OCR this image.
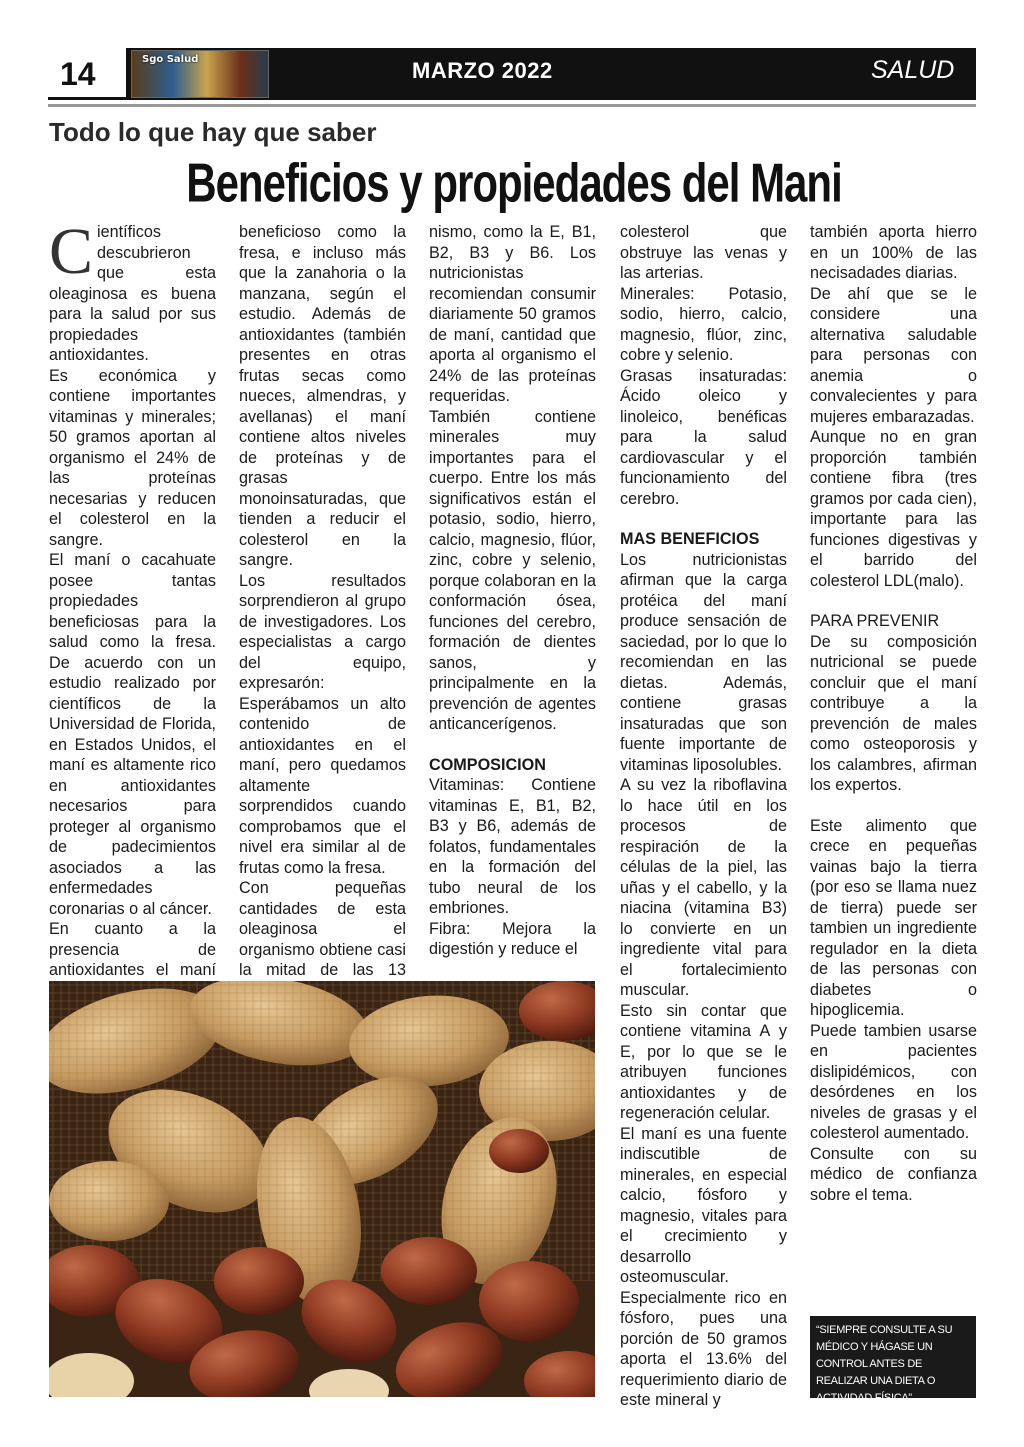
14	Sgo Salud	MARZO 2022	SALUD
Todo lo que hay que saber
Beneficios y propiedades del Mani

Científicos descubrieron que esta oleaginosa es buena para la salud por sus propiedades antioxidantes.

Es económica y contiene importantes vitaminas y minerales; 50 gramos aportan al organismo el 24% de las proteínas necesarias y reducen el colesterol en la sangre.

El maní o cacahuate posee tantas propiedades beneficiosas para la salud como la fresa. De acuerdo con un estudio realizado por científicos de la Universidad de Florida, en Estados Unidos, el maní es altamente rico en antioxidantes necesarios para proteger al organismo de padecimientos asociados a las enfermedades coronarias o al cáncer.

En cuanto a la presencia de antioxidantes el maní

beneficioso como la fresa, e incluso más que la zanahoria o la manzana, según el estudio. Además de antioxidantes (también presentes en otras frutas secas como nueces, almendras, y avellanas) el maní contiene altos niveles de proteínas y de grasas monoinsaturadas, que tienden a reducir el colesterol en la sangre.

Los resultados sorprendieron al grupo de investigadores. Los especialistas a cargo del equipo, expresarón: Esperábamos un alto contenido de antioxidantes en el maní, pero quedamos altamente sorprendidos cuando comprobamos que el nivel era similar al de frutas como la fresa.

Con pequeñas cantidades de esta oleaginosa el organismo obtiene casi la mitad de las 13

nismo, como la E, B1, B2, B3 y B6. Los nutricionistas recomiendan consumir diariamente 50 gramos de maní, cantidad que aporta al organismo el 24% de las proteínas requeridas.

También contiene minerales muy importantes para el cuerpo. Entre los más significativos están el potasio, sodio, hierro, calcio, magnesio, flúor, zinc, cobre y selenio, porque colaboran en la conformación ósea, funciones del cerebro, formación de dientes sanos, y principalmente en la prevención de agentes anticancerígenos.

COMPOSICION

Vitaminas: Contiene vitaminas E, B1, B2, B3 y B6, además de folatos, fundamentales en la formación del tubo neural de los embriones.

Fibra: Mejora la digestión y reduce el

colesterol que obstruye las venas y las arterias.

Minerales: Potasio, sodio, hierro, calcio, magnesio, flúor, zinc, cobre y selenio.

Grasas insaturadas: Ácido oleico y linoleico, benéficas para la salud cardiovascular y el funcionamiento del cerebro.

MAS BENEFICIOS

Los nutricionistas afirman que la carga protéica del maní produce sensación de saciedad, por lo que lo recomiendan en las dietas. Además, contiene grasas insaturadas que son fuente importante de vitaminas liposolubles.

A su vez la riboflavina lo hace útil en los procesos de respiración de la células de la piel, las uñas y el cabello, y la niacina (vitamina B3) lo convierte en un ingrediente vital para el fortalecimiento muscular.

Esto sin contar que contiene vitamina A y E, por lo que se le atribuyen funciones antioxidantes y de regeneración celular.

El maní es una fuente indiscutible de minerales, en especial calcio, fósforo y magnesio, vitales para el crecimiento y desarrollo osteomuscular.

Especialmente rico en fósforo, pues una porción de 50 gramos aporta el 13.6% del requerimiento diario de este mineral y

también aporta hierro en un 100% de las necisadades diarias.

De ahí que se le considere una alternativa saludable para personas con anemia o convalecientes y para mujeres embarazadas.

Aunque no en gran proporción también contiene fibra (tres gramos por cada cien), importante para las funciones digestivas y el barrido del colesterol LDL(malo).

PARA PREVENIR

De su composición nutricional se puede concluir que el maní contribuye a la prevención de males como osteoporosis y los calambres, afirman los expertos.

Este alimento que crece en pequeñas vainas bajo la tierra (por eso se llama nuez de tierra) puede ser tambien un ingrediente regulador en la dieta de las personas con diabetes o hipoglicemia.

Puede tambien usarse en pacientes dislipidémicos, con desórdenes en los niveles de grasas y el colesterol aumentado.

Consulte con su médico de confianza sobre el tema.

“SIEMPRE CONSULTE A SU MÉDICO Y HÁGASE UN CONTROL ANTES DE REALIZAR UNA DIETA O ACTIVIDAD FÍSICA”
